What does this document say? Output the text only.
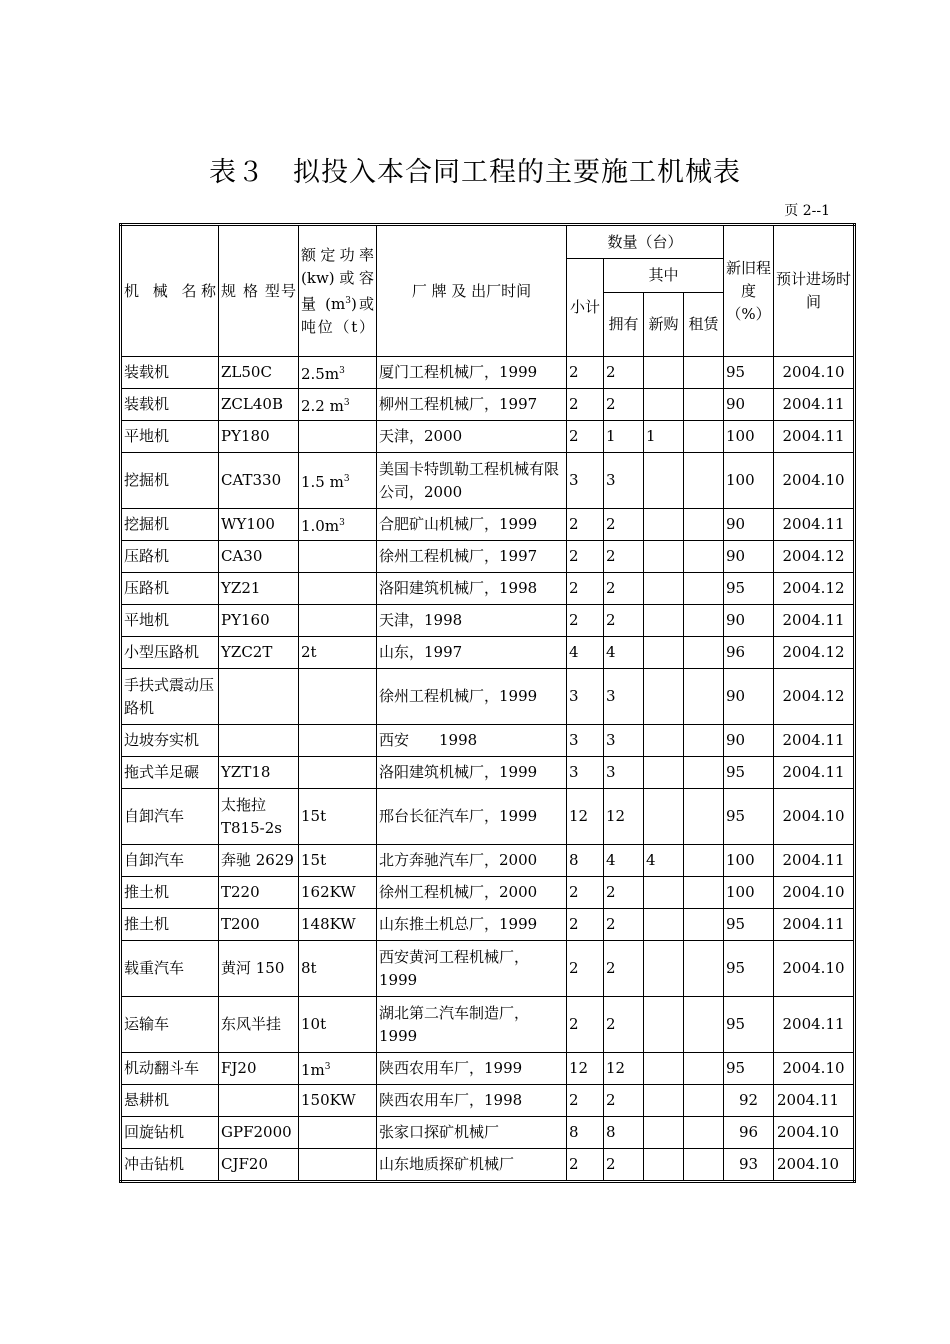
表３　拟投入本合同工程的主要施工机械表
页 2--1
机 械 名称	规 格 型号	额定功率(kw)或容量 $(m^3)$或吨位（t）	厂 牌 及 出厂时间	数量（台）				新旧程度（%）	预计进场时间
				小计	其中				
					拥有	新购	租赁		
装载机	ZL50C	$2.5m^3$	厦门工程机械厂，1999	2	2			95	2004.10
装载机	ZCL40B	2.2 $m^3$	柳州工程机械厂，1997	2	2			90	2004.11
平地机	PY180		天津，2000	2	1	1		100	2004.11
挖掘机	CAT330	1.5 $m^3$	美国卡特凯勒工程机械有限公司，2000	3	3			100	2004.10
挖掘机	WY100	$1.0m^3$	合肥矿山机械厂，1999	2	2			90	2004.11
压路机	CA30		徐州工程机械厂，1997	2	2			90	2004.12
压路机	YZ21		洛阳建筑机械厂，1998	2	2			95	2004.12
平地机	PY160		天津，1998	2	2			90	2004.11
小型压路机	YZC2T	2t	山东，1997	4	4			96	2004.12
手扶式震动压路机			徐州工程机械厂，1999	3	3			90	2004.12
边坡夯实机			西安　　1998	3	3			90	2004.11
拖式羊足碾	YZT18		洛阳建筑机械厂，1999	3	3			95	2004.11
自卸汽车	太拖拉T815-2s	15t	邢台长征汽车厂，1999	12	12			95	2004.10
自卸汽车	奔驰 2629	15t	北方奔驰汽车厂，2000	8	4	4		100	2004.11
推土机	T220	162KW	徐州工程机械厂，2000	2	2			100	2004.10
推土机	T200	148KW	山东推土机总厂，1999	2	2			95	2004.11
载重汽车	黄河 150	8t	西安黄河工程机械厂，1999	2	2			95	2004.10
运输车	东风半挂	10t	湖北第二汽车制造厂，1999	2	2			95	2004.11
机动翻斗车	FJ20	$1m^3$	陕西农用车厂，1999	12	12			95	2004.10
悬耕机		150KW	陕西农用车厂，1998	2	2			92	2004.11
回旋钻机	GPF2000		张家口探矿机械厂	8	8			96	2004.10
冲击钻机	CJF20		山东地质探矿机械厂	2	2			93	2004.10
